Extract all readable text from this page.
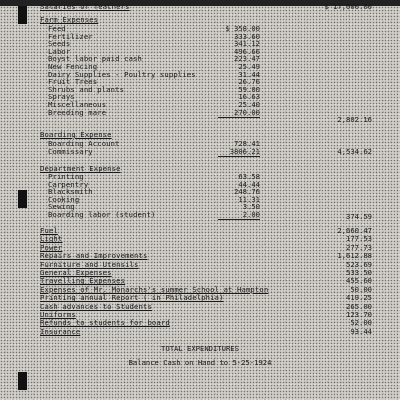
Salaries of Teachers	$ 17,000.00
Farm Expenses
Feed	$ 358.00
Fertilizer	333.60
Seeds	341.12
Labor	496.66
Boyst labor paid cash	223.47
New Fencing	25.49
Dairy Supplies - Poultry supplies	31.44
Fruit Trees	26.76
Shrubs and plants	59.00
Sprays	16.63
Miscellaneous	25.40
Breeding mare	270.00
2,802.16
Boarding Expense
Boarding Account	728.41
Commissary	3806.21	4,534.62
Department Expense
Printing	63.58
Carpentry	44.44
Blacksmith	248.76
Cooking	11.31
Sewing	3.50
Boarding labor (student)	2.00	374.59
Fuel	2,660.47
Light	177.53
Power	277.73
Repairs and Improvements	1,612.88
Furniture and Utensils	523.69
General Expenses	533.50
Travelling Expenses	455.60
Expenses of Mr. Monarchs's summer School at Hampton	50.00
Printing annual Report ( in Philadelphia)	419.25
Cash advances to Students	265.00
Uniforms	123.70
Refunds to students for board	52.00
Insurance	93.44
TOTAL EXPENDITURES
Balance Cash on Hand to 5-25-1924
